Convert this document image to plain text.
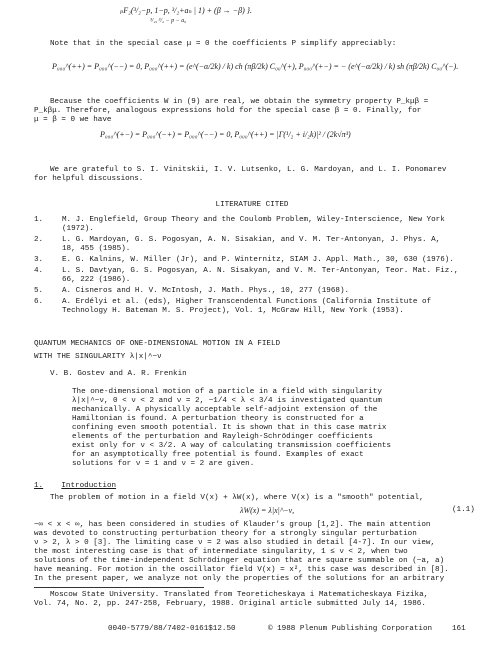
ₚF₂(³/₂−p, 1−p, ³/₂+aₙ | 1) + (β → −β) }.
³/₂, ³/₂ − p − a₀
Note that in the special case μ = 0 the coefficients P simplify appreciably:
P₀₀₀^(++) = P₀₀₀^(−−) = 0, P₀₀₀^(++) = (e^(−α/2k) / k) ch (πβ/2k) C₀₀^(+), P₀₀₀^(+−) = − (e^(−α/2k) / k) sh (πβ/2k) C₀₀^(−).
Because the coefficients W in (9) are real, we obtain the symmetry property P_kμβ =
P_kβμ. Therefore, analogous expressions hold for the special case β = 0. Finally, for
μ = β = 0 we have
P₀₀₀^(+−) = P₀₀₀^(−+) = P₀₀₀^(−−) = 0, P₀₀₀^(++) = |Γ(¹/₂ + i/₂k)|² / (2k√π³)
We are grateful to S. I. Vinitskii, I. V. Lutsenko, L. G. Mardoyan, and L. I. Ponomarev
for helpful discussions.
LITERATURE CITED
1. M. J. Englefield, Group Theory and the Coulomb Problem, Wiley-Interscience, New York
(1972).
2. L. G. Mardoyan, G. S. Pogosyan, A. N. Sisakian, and V. M. Ter-Antonyan, J. Phys. A,
18, 455 (1985).
3. E. G. Kalnins, W. Miller (Jr), and P. Winternitz, SIAM J. Appl. Math., 30, 630 (1976).
4. L. S. Davtyan, G. S. Pogosyan, A. N. Sisakyan, and V. M. Ter-Antonyan, Teor. Mat. Fiz.,
66, 222 (1986).
5. A. Cisneros and H. V. McIntosh, J. Math. Phys., 10, 277 (1968).
6. A. Erdélyi et al. (eds), Higher Transcendental Functions (California Institute of
Technology H. Bateman M. S. Project), Vol. 1, McGraw Hill, New York (1953).
QUANTUM MECHANICS OF ONE-DIMENSIONAL MOTION IN A FIELD
WITH THE SINGULARITY λ|x|^−ν
V. B. Gostev and A. R. Frenkin
The one-dimensional motion of a particle in a field with singularity
λ|x|^−ν, 0 < ν < 2 and ν = 2, −1/4 < λ < 3/4 is investigated quantum
mechanically. A physically acceptable self-adjoint extension of the
Hamiltonian is found. A perturbation theory is constructed for a
confining even smooth potential. It is shown that in this case matrix
elements of the perturbation and Rayleigh-Schrödinger coefficients
exist only for ν < 3/2. A way of calculating transmission coefficients
for an asymptotically free potential is found. Examples of exact
solutions for ν = 1 and ν = 2 are given.
1. Introduction
The problem of motion in a field V(x) + λW(x), where V(x) is a "smooth" potential,
λW(x) = λ|x|^−ν,	(1.1)
−∞ < x < ∞, has been considered in studies of Klauder's group [1,2]. The main attention
was devoted to constructing perturbation theory for a strongly singular perturbation
ν > 2, λ > 0 [3]. The limiting case ν = 2 was also studied in detail [4-7]. In our view,
the most interesting case is that of intermediate singularity, 1 ≤ ν < 2, when two
solutions of the time-independent Schrödinger equation that are square summable on (−a, a)
have meaning. For motion in the oscillator field V(x) = x², this case was described in [8].
In the present paper, we analyze not only the properties of the solutions for an arbitrary
Moscow State University. Translated from Teoreticheskaya i Matematicheskaya Fizika,
Vol. 74, No. 2, pp. 247-258, February, 1988. Original article submitted July 14, 1986.
0040-5779/88/7402-0161$12.50	© 1988 Plenum Publishing Corporation	161
